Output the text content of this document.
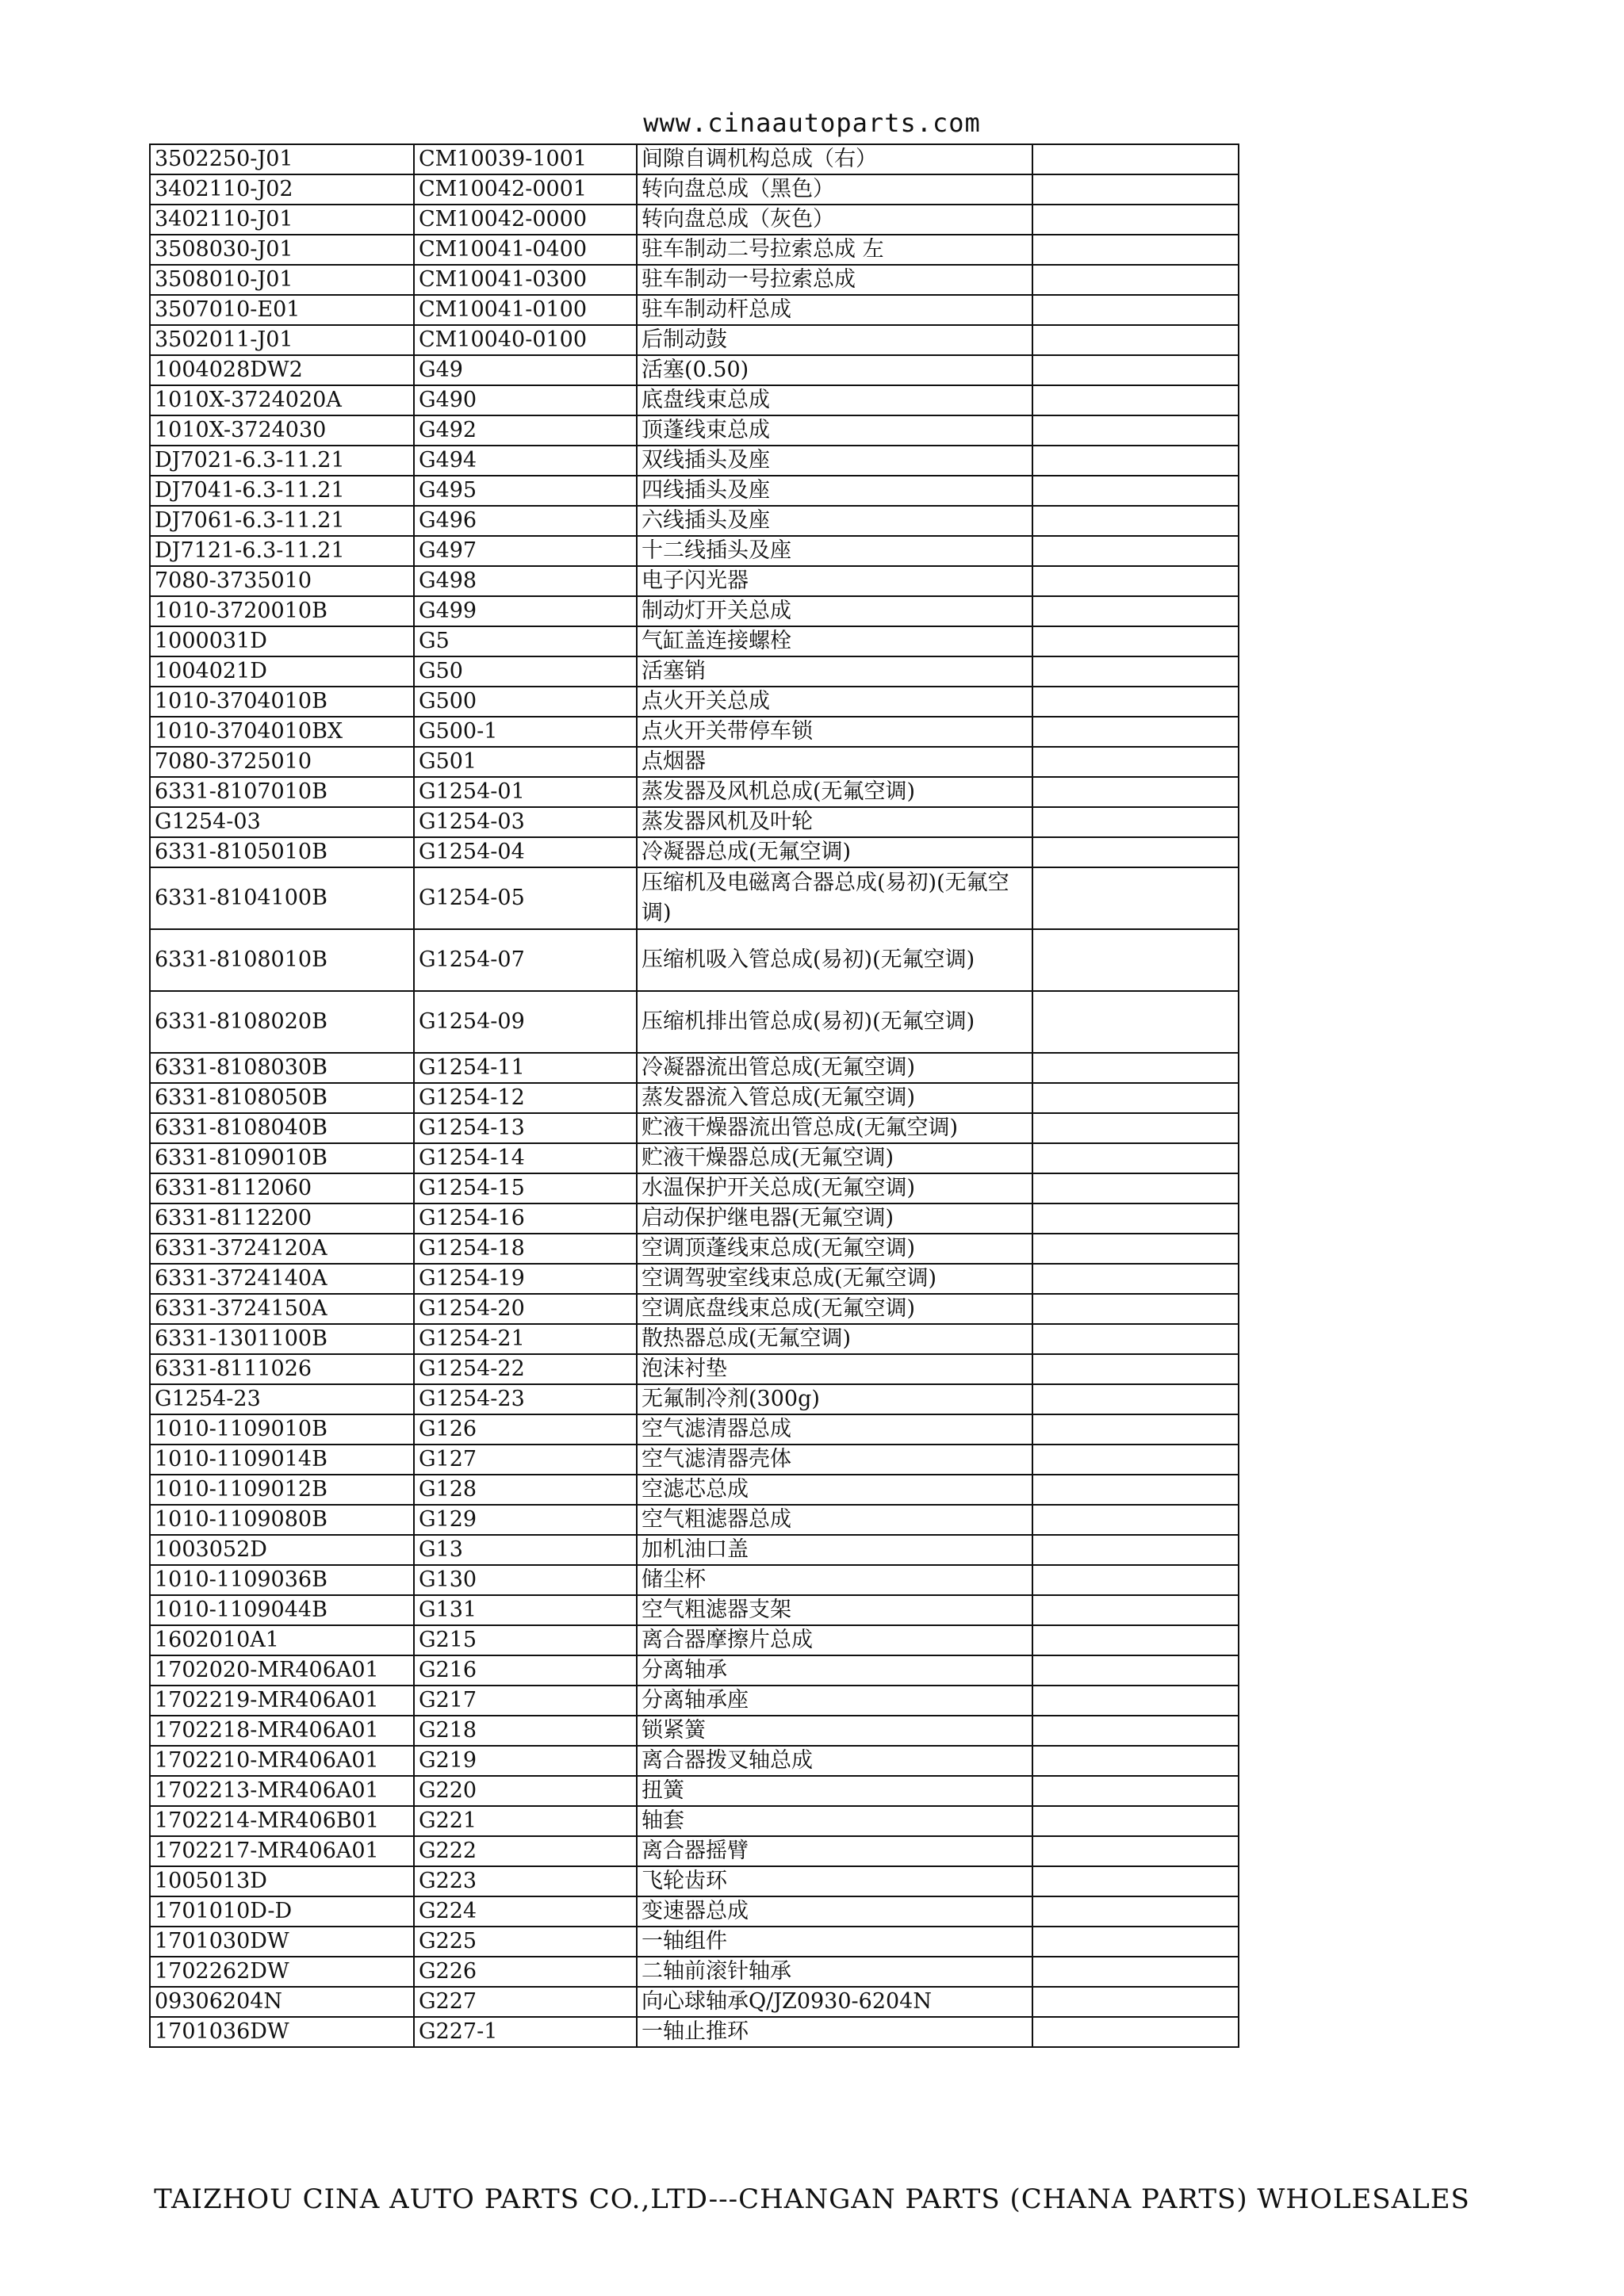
www.cinaautoparts.com
3502250-J01	CM10039-1001	间隙自调机构总成（右）	
3402110-J02	CM10042-0001	转向盘总成（黑色）	
3402110-J01	CM10042-0000	转向盘总成（灰色）	
3508030-J01	CM10041-0400	驻车制动二号拉索总成 左	
3508010-J01	CM10041-0300	驻车制动一号拉索总成	
3507010-E01	CM10041-0100	驻车制动杆总成	
3502011-J01	CM10040-0100	后制动鼓	
1004028DW2	G49	活塞(0.50)	
1010X-3724020A	G490	底盘线束总成	
1010X-3724030	G492	顶蓬线束总成	
DJ7021-6.3-11.21	G494	双线插头及座	
DJ7041-6.3-11.21	G495	四线插头及座	
DJ7061-6.3-11.21	G496	六线插头及座	
DJ7121-6.3-11.21	G497	十二线插头及座	
7080-3735010	G498	电子闪光器	
1010-3720010B	G499	制动灯开关总成	
1000031D	G5	气缸盖连接螺栓	
1004021D	G50	活塞销	
1010-3704010B	G500	点火开关总成	
1010-3704010BX	G500-1	点火开关带停车锁	
7080-3725010	G501	点烟器	
6331-8107010B	G1254-01	蒸发器及风机总成(无氟空调)	
G1254-03	G1254-03	蒸发器风机及叶轮	
6331-8105010B	G1254-04	冷凝器总成(无氟空调)	
6331-8104100B	G1254-05	压缩机及电磁离合器总成(易初)(无氟空调)	
6331-8108010B	G1254-07	压缩机吸入管总成(易初)(无氟空调)	
6331-8108020B	G1254-09	压缩机排出管总成(易初)(无氟空调)	
6331-8108030B	G1254-11	冷凝器流出管总成(无氟空调)	
6331-8108050B	G1254-12	蒸发器流入管总成(无氟空调)	
6331-8108040B	G1254-13	贮液干燥器流出管总成(无氟空调)	
6331-8109010B	G1254-14	贮液干燥器总成(无氟空调)	
6331-8112060	G1254-15	水温保护开关总成(无氟空调)	
6331-8112200	G1254-16	启动保护继电器(无氟空调)	
6331-3724120A	G1254-18	空调顶蓬线束总成(无氟空调)	
6331-3724140A	G1254-19	空调驾驶室线束总成(无氟空调)	
6331-3724150A	G1254-20	空调底盘线束总成(无氟空调)	
6331-1301100B	G1254-21	散热器总成(无氟空调)	
6331-8111026	G1254-22	泡沫衬垫	
G1254-23	G1254-23	无氟制冷剂(300g)	
1010-1109010B	G126	空气滤清器总成	
1010-1109014B	G127	空气滤清器壳体	
1010-1109012B	G128	空滤芯总成	
1010-1109080B	G129	空气粗滤器总成	
1003052D	G13	加机油口盖	
1010-1109036B	G130	储尘杯	
1010-1109044B	G131	空气粗滤器支架	
1602010A1	G215	离合器摩擦片总成	
1702020-MR406A01	G216	分离轴承	
1702219-MR406A01	G217	分离轴承座	
1702218-MR406A01	G218	锁紧簧	
1702210-MR406A01	G219	离合器拨叉轴总成	
1702213-MR406A01	G220	扭簧	
1702214-MR406B01	G221	轴套	
1702217-MR406A01	G222	离合器摇臂	
1005013D	G223	飞轮齿环	
1701010D-D	G224	变速器总成	
1701030DW	G225	一轴组件	
1702262DW	G226	二轴前滚针轴承	
09306204N	G227	向心球轴承Q/JZ0930-6204N	
1701036DW	G227-1	一轴止推环	
TAIZHOU CINA AUTO PARTS CO.,LTD---CHANGAN PARTS (CHANA PARTS) WHOLESALES
